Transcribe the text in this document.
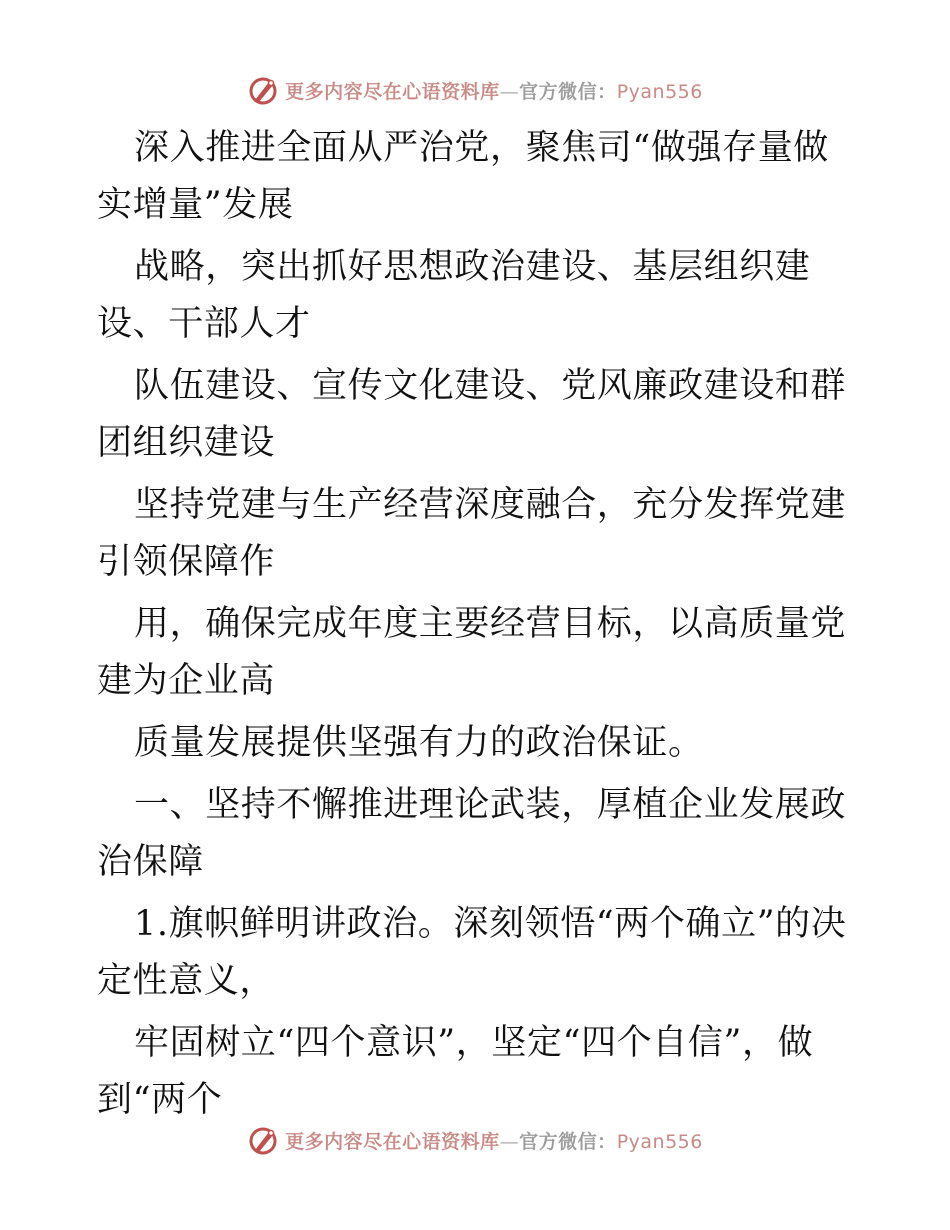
更多内容尽在心语资料库—官方微信：Pyan556

深入推进全面从严治党，聚焦司“做强存量做实增量”发展

战略，突出抓好思想政治建设、基层组织建设、干部人才

队伍建设、宣传文化建设、党风廉政建设和群团组织建设

坚持党建与生产经营深度融合，充分发挥党建引领保障作

用，确保完成年度主要经营目标，以高质量党建为企业高

质量发展提供坚强有力的政治保证。

一、坚持不懈推进理论武装，厚植企业发展政治保障

1.旗帜鲜明讲政治。深刻领悟“两个确立”的决定性意义，

牢固树立“四个意识”，坚定“四个自信”，做到“两个

更多内容尽在心语资料库—官方微信：Pyan556
